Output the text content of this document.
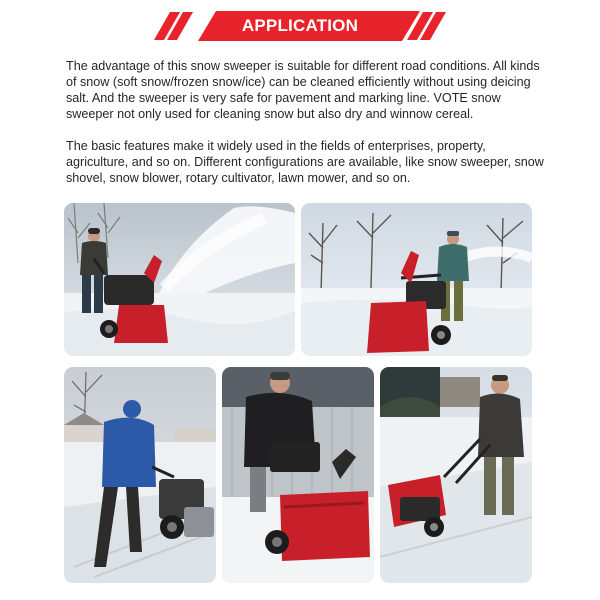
APPLICATION

The advantage of this snow sweeper is suitable for different road conditions. All kinds of snow (soft snow/frozen snow/ice) can be cleaned efficiently without using deicing salt. And the sweeper is very safe for pavement and marking line. VOTE snow sweeper not only used for cleaning snow but also dry and winnow cereal.

The basic features make it widely used in the fields of enterprises, property, agriculture, and so on. Different configurations are available, like snow sweeper, snow shovel, snow blower, rotary cultivator, lawn mower, and so on.
